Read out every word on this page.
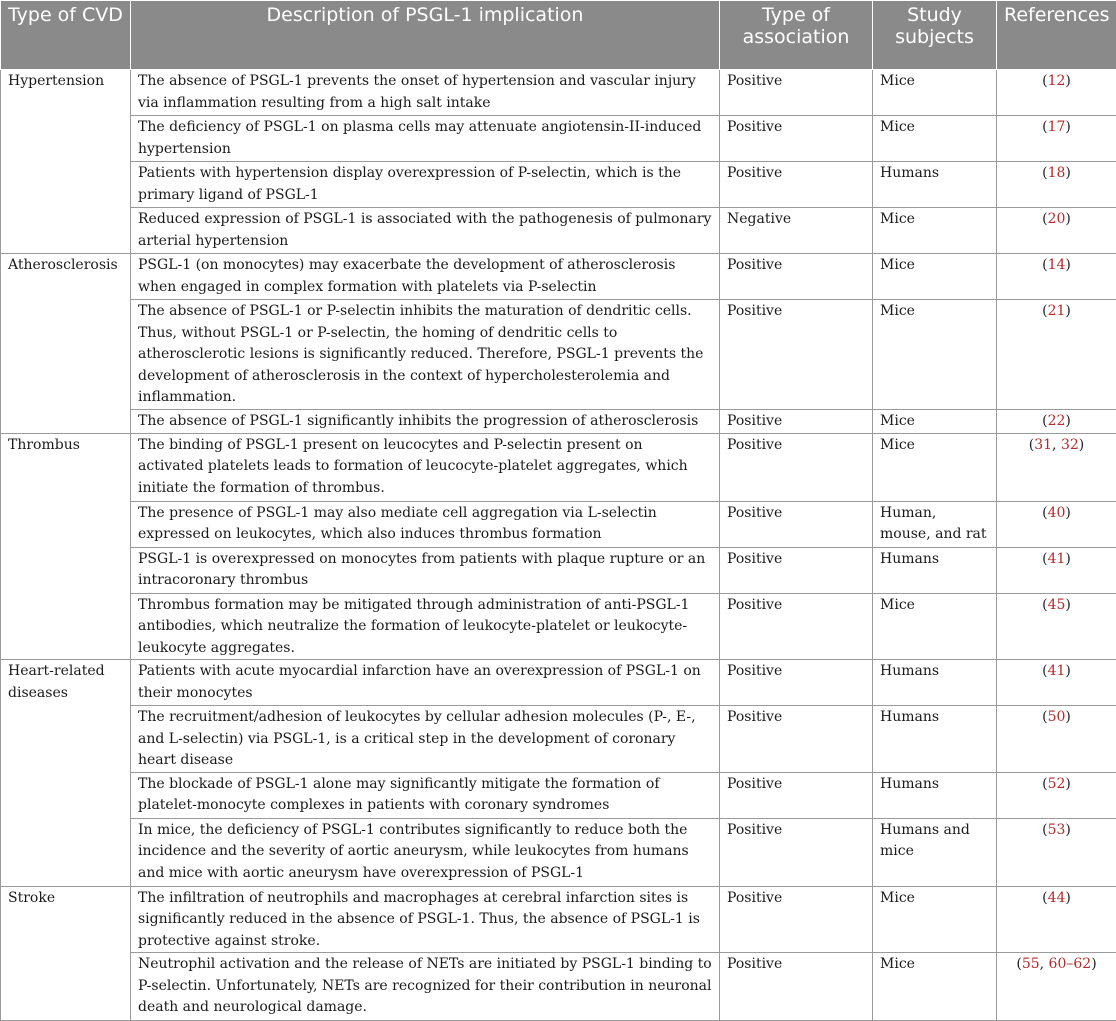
Type of CVD	Description of PSGL-1 implication	Type of association	Study subjects	References
Hypertension	The absence of PSGL-1 prevents the onset of hypertension and vascular injury via inflammation resulting from a high salt intake	Positive	Mice	(12)
	The deficiency of PSGL-1 on plasma cells may attenuate angiotensin-II-induced hypertension	Positive	Mice	(17)
	Patients with hypertension display overexpression of P-selectin, which is the primary ligand of PSGL-1	Positive	Humans	(18)
	Reduced expression of PSGL-1 is associated with the pathogenesis of pulmonary arterial hypertension	Negative	Mice	(20)
Atherosclerosis	PSGL-1 (on monocytes) may exacerbate the development of atherosclerosis when engaged in complex formation with platelets via P-selectin	Positive	Mice	(14)
	The absence of PSGL-1 or P-selectin inhibits the maturation of dendritic cells. Thus, without PSGL-1 or P-selectin, the homing of dendritic cells to atherosclerotic lesions is significantly reduced. Therefore, PSGL-1 prevents the development of atherosclerosis in the context of hypercholesterolemia and inflammation.	Positive	Mice	(21)
	The absence of PSGL-1 significantly inhibits the progression of atherosclerosis	Positive	Mice	(22)
Thrombus	The binding of PSGL-1 present on leucocytes and P-selectin present on activated platelets leads to formation of leucocyte-platelet aggregates, which initiate the formation of thrombus.	Positive	Mice	(31, 32)
	The presence of PSGL-1 may also mediate cell aggregation via L-selectin expressed on leukocytes, which also induces thrombus formation	Positive	Human, mouse, and rat	(40)
	PSGL-1 is overexpressed on monocytes from patients with plaque rupture or an intracoronary thrombus	Positive	Humans	(41)
	Thrombus formation may be mitigated through administration of anti-PSGL-1 antibodies, which neutralize the formation of leukocyte-platelet or leukocyte-leukocyte aggregates.	Positive	Mice	(45)
Heart-related diseases	Patients with acute myocardial infarction have an overexpression of PSGL-1 on their monocytes	Positive	Humans	(41)
	The recruitment/adhesion of leukocytes by cellular adhesion molecules (P-, E-, and L-selectin) via PSGL-1, is a critical step in the development of coronary heart disease	Positive	Humans	(50)
	The blockade of PSGL-1 alone may significantly mitigate the formation of platelet-monocyte complexes in patients with coronary syndromes	Positive	Humans	(52)
	In mice, the deficiency of PSGL-1 contributes significantly to reduce both the incidence and the severity of aortic aneurysm, while leukocytes from humans and mice with aortic aneurysm have overexpression of PSGL-1	Positive	Humans and mice	(53)
Stroke	The infiltration of neutrophils and macrophages at cerebral infarction sites is significantly reduced in the absence of PSGL-1. Thus, the absence of PSGL-1 is protective against stroke.	Positive	Mice	(44)
	Neutrophil activation and the release of NETs are initiated by PSGL-1 binding to P-selectin. Unfortunately, NETs are recognized for their contribution in neuronal death and neurological damage.	Positive	Mice	(55, 60–62)
